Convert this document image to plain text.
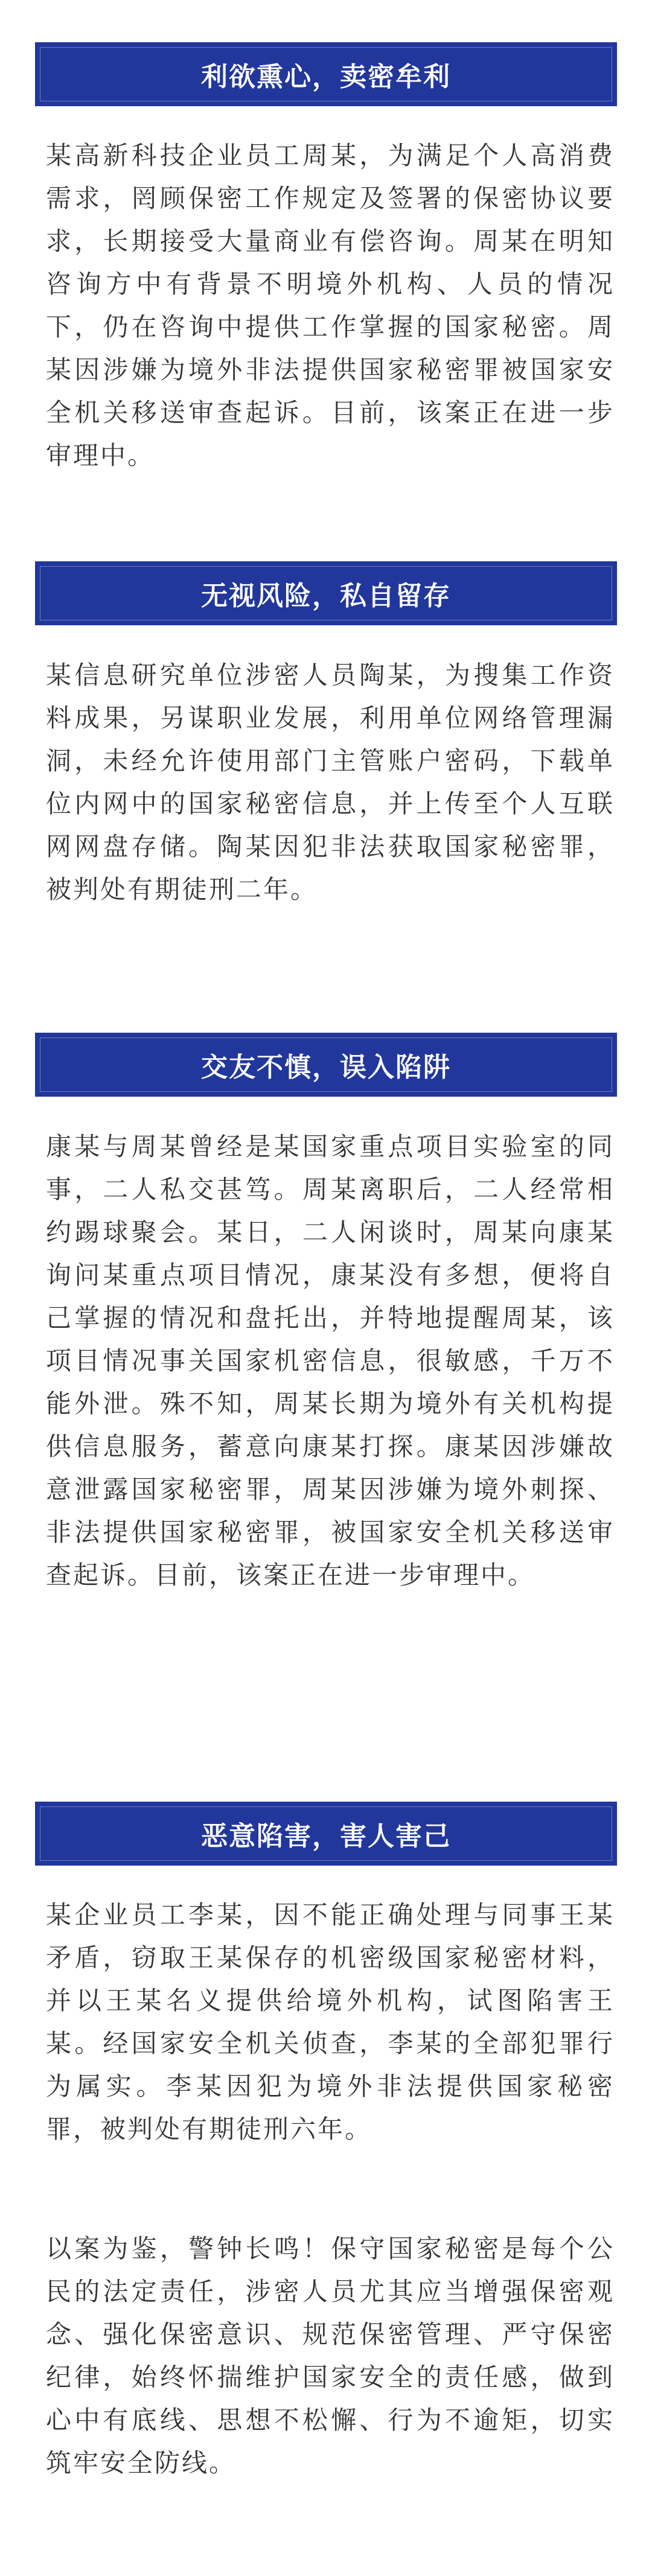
利欲熏心，卖密牟利

某高新科技企业员工周某，为满足个人高消费需求，罔顾保密工作规定及签署的保密协议要求，长期接受大量商业有偿咨询。周某在明知咨询方中有背景不明境外机构、人员的情况下，仍在咨询中提供工作掌握的国家秘密。周某因涉嫌为境外非法提供国家秘密罪被国家安全机关移送审查起诉。目前，该案正在进一步审理中。

无视风险，私自留存

某信息研究单位涉密人员陶某，为搜集工作资料成果，另谋职业发展，利用单位网络管理漏洞，未经允许使用部门主管账户密码，下载单位内网中的国家秘密信息，并上传至个人互联网网盘存储。陶某因犯非法获取国家秘密罪，被判处有期徒刑二年。

交友不慎，误入陷阱

康某与周某曾经是某国家重点项目实验室的同事，二人私交甚笃。周某离职后，二人经常相约踢球聚会。某日，二人闲谈时，周某向康某询问某重点项目情况，康某没有多想，便将自己掌握的情况和盘托出，并特地提醒周某，该项目情况事关国家机密信息，很敏感，千万不能外泄。殊不知，周某长期为境外有关机构提供信息服务，蓄意向康某打探。康某因涉嫌故意泄露国家秘密罪，周某因涉嫌为境外刺探、非法提供国家秘密罪，被国家安全机关移送审查起诉。目前，该案正在进一步审理中。

恶意陷害，害人害己

某企业员工李某，因不能正确处理与同事王某矛盾，窃取王某保存的机密级国家秘密材料，并以王某名义提供给境外机构，试图陷害王某。经国家安全机关侦查，李某的全部犯罪行为属实。李某因犯为境外非法提供国家秘密罪，被判处有期徒刑六年。

以案为鉴，警钟长鸣！保守国家秘密是每个公民的法定责任，涉密人员尤其应当增强保密观念、强化保密意识、规范保密管理、严守保密纪律，始终怀揣维护国家安全的责任感，做到心中有底线、思想不松懈、行为不逾矩，切实筑牢安全防线。
